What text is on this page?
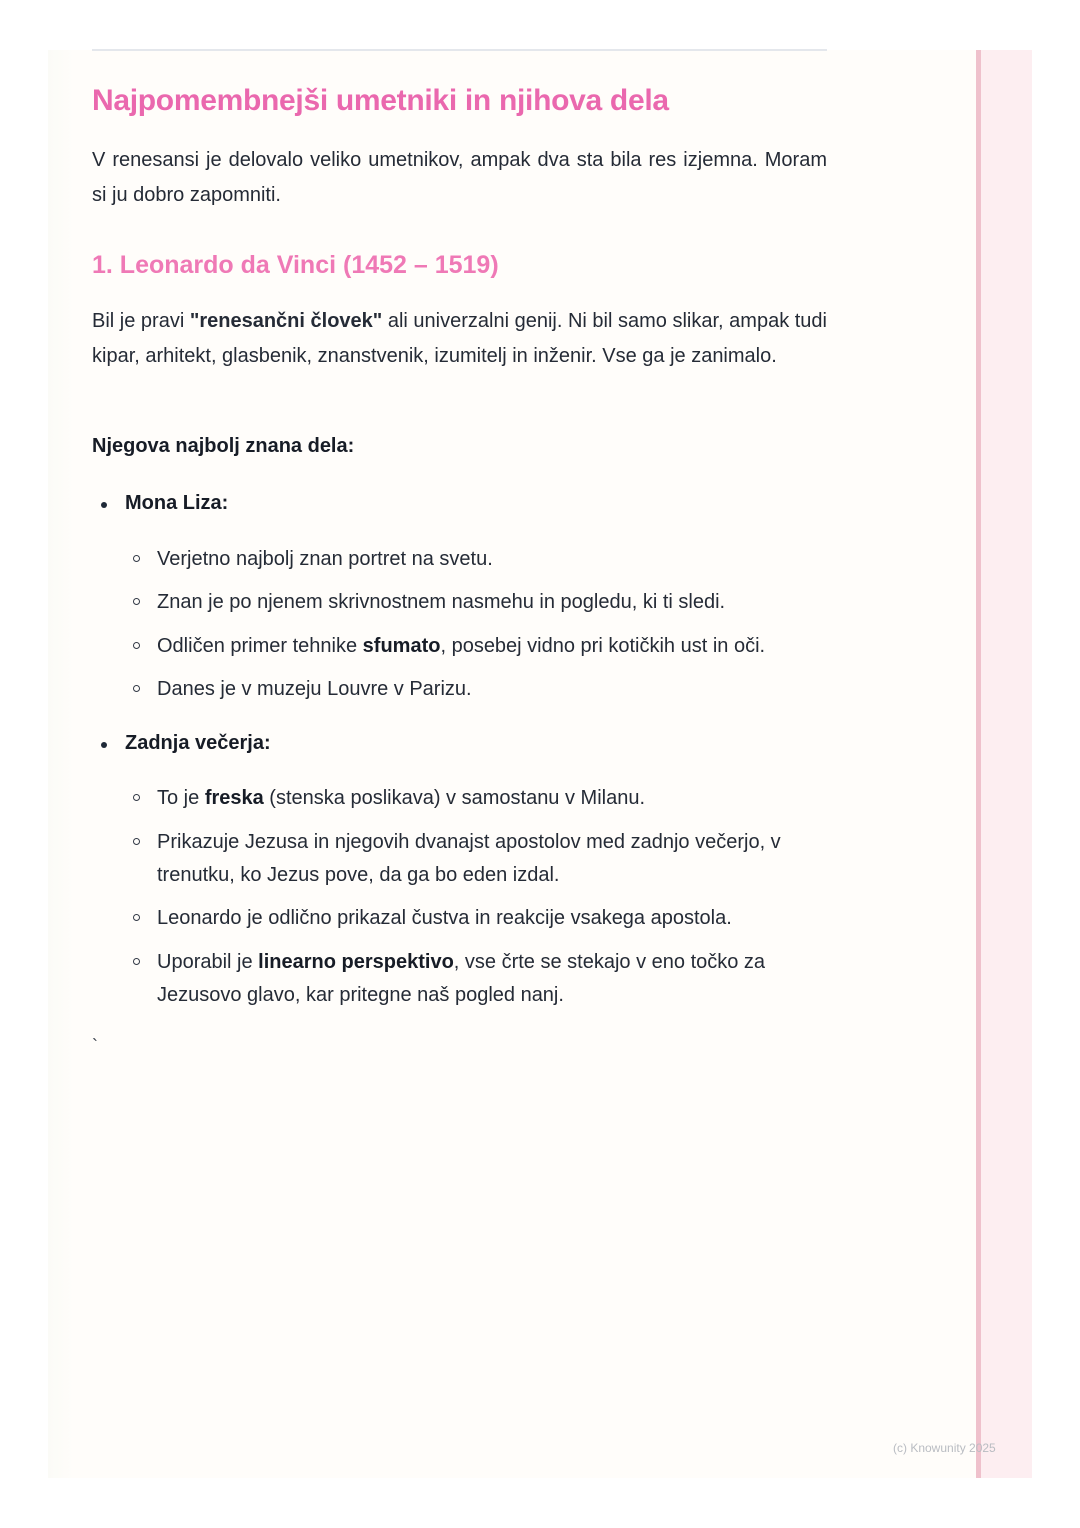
Najpomembnejši umetniki in njihova dela

V renesansi je delovalo veliko umetnikov, ampak dva sta bila res izjemna. Moram si ju dobro zapomniti.

1. Leonardo da Vinci (1452 – 1519)

Bil je pravi "renesančni človek" ali univerzalni genij. Ni bil samo slikar, ampak tudi kipar, arhitekt, glasbenik, znanstvenik, izumitelj in inženir. Vse ga je zanimalo.

Njegova najbolj znana dela:

Mona Liza:
Verjetno najbolj znan portret na svetu.
Znan je po njenem skrivnostnem nasmehu in pogledu, ki ti sledi.
Odličen primer tehnike sfumato, posebej vidno pri kotičkih ust in oči.
Danes je v muzeju Louvre v Parizu.
Zadnja večerja:
To je freska (stenska poslikava) v samostanu v Milanu.
Prikazuje Jezusa in njegovih dvanajst apostolov med zadnjo večerjo, v trenutku, ko Jezus pove, da ga bo eden izdal.
Leonardo je odlično prikazal čustva in reakcije vsakega apostola.
Uporabil je linearno perspektivo, vse črte se stekajo v eno točko za Jezusovo glavo, kar pritegne naš pogled nanj.
`
(c) Knowunity 2025
